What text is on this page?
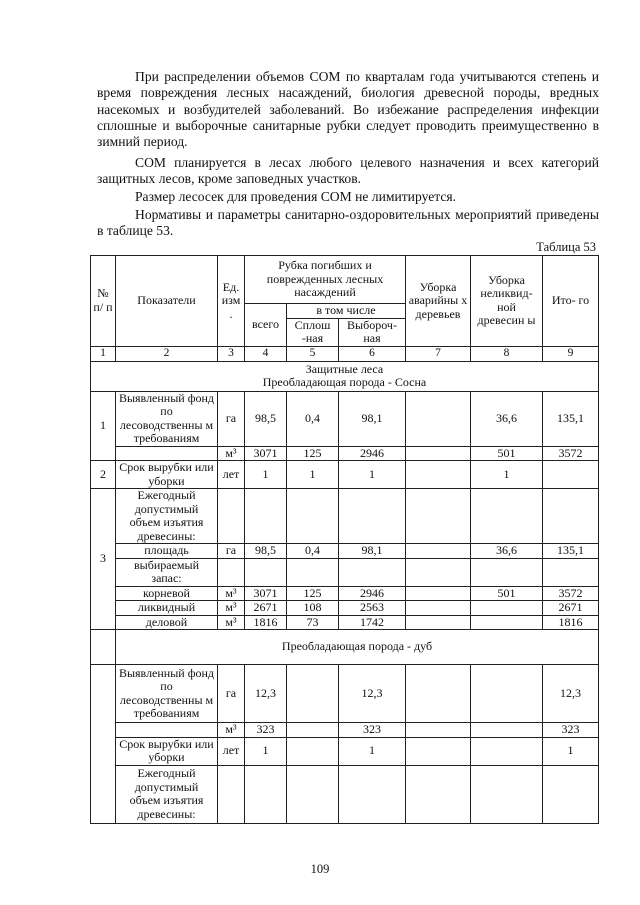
При распределении объемов СОМ по кварталам года учитываются степень и время повреждения лесных насаждений, биология древесной породы, вредных насекомых и возбудителей заболеваний. Во избежание распределения инфекции сплошные и выборочные санитарные рубки следует проводить преимущественно в зимний период.

СОМ планируется в лесах любого целевого назначения и всех категорий защитных лесов, кроме заповедных участков.

Размер лесосек для проведения СОМ не лимитируется.

Нормативы и параметры санитарно-оздоровительных мероприятий приведены в таблице 53.

Таблица 53
№ п/ п	Показатели	Ед. изм .	Рубка погибших и поврежденных лесных насаждений			Уборка аварийны х деревьев	Уборка неликвид- ной древесин ы	Ито- го
			всего	в том числе				
				Сплош -ная	Выбороч- ная			
1	2	3	4	5	6	7	8	9

Защитные леса
Преобладающая порода - Сосна								

1	Выявленный фонд по лесоводственны м требованиям	га	98,5	0,4	98,1		36,6	135,1
		м³	3071	125	2946		501	3572
2	Срок вырубки или уборки	лет	1	1	1		1	
3	Ежегодный допустимый объем изъятия древесины:							
	площадь	га	98,5	0,4	98,1		36,6	135,1
	выбираемый запас:							
	корневой	м³	3071	125	2946		501	3572
	ликвидный	м³	2671	108	2563			2671
	деловой	м³	1816	73	1742			1816
	Преобладающая порода - дуб							
	Выявленный фонд по лесоводственны м требованиям	га	12,3		12,3			12,3
		м³	323		323			323
	Срок вырубки или уборки	лет	1		1			1
	Ежегодный допустимый объем изъятия древесины:							
109
